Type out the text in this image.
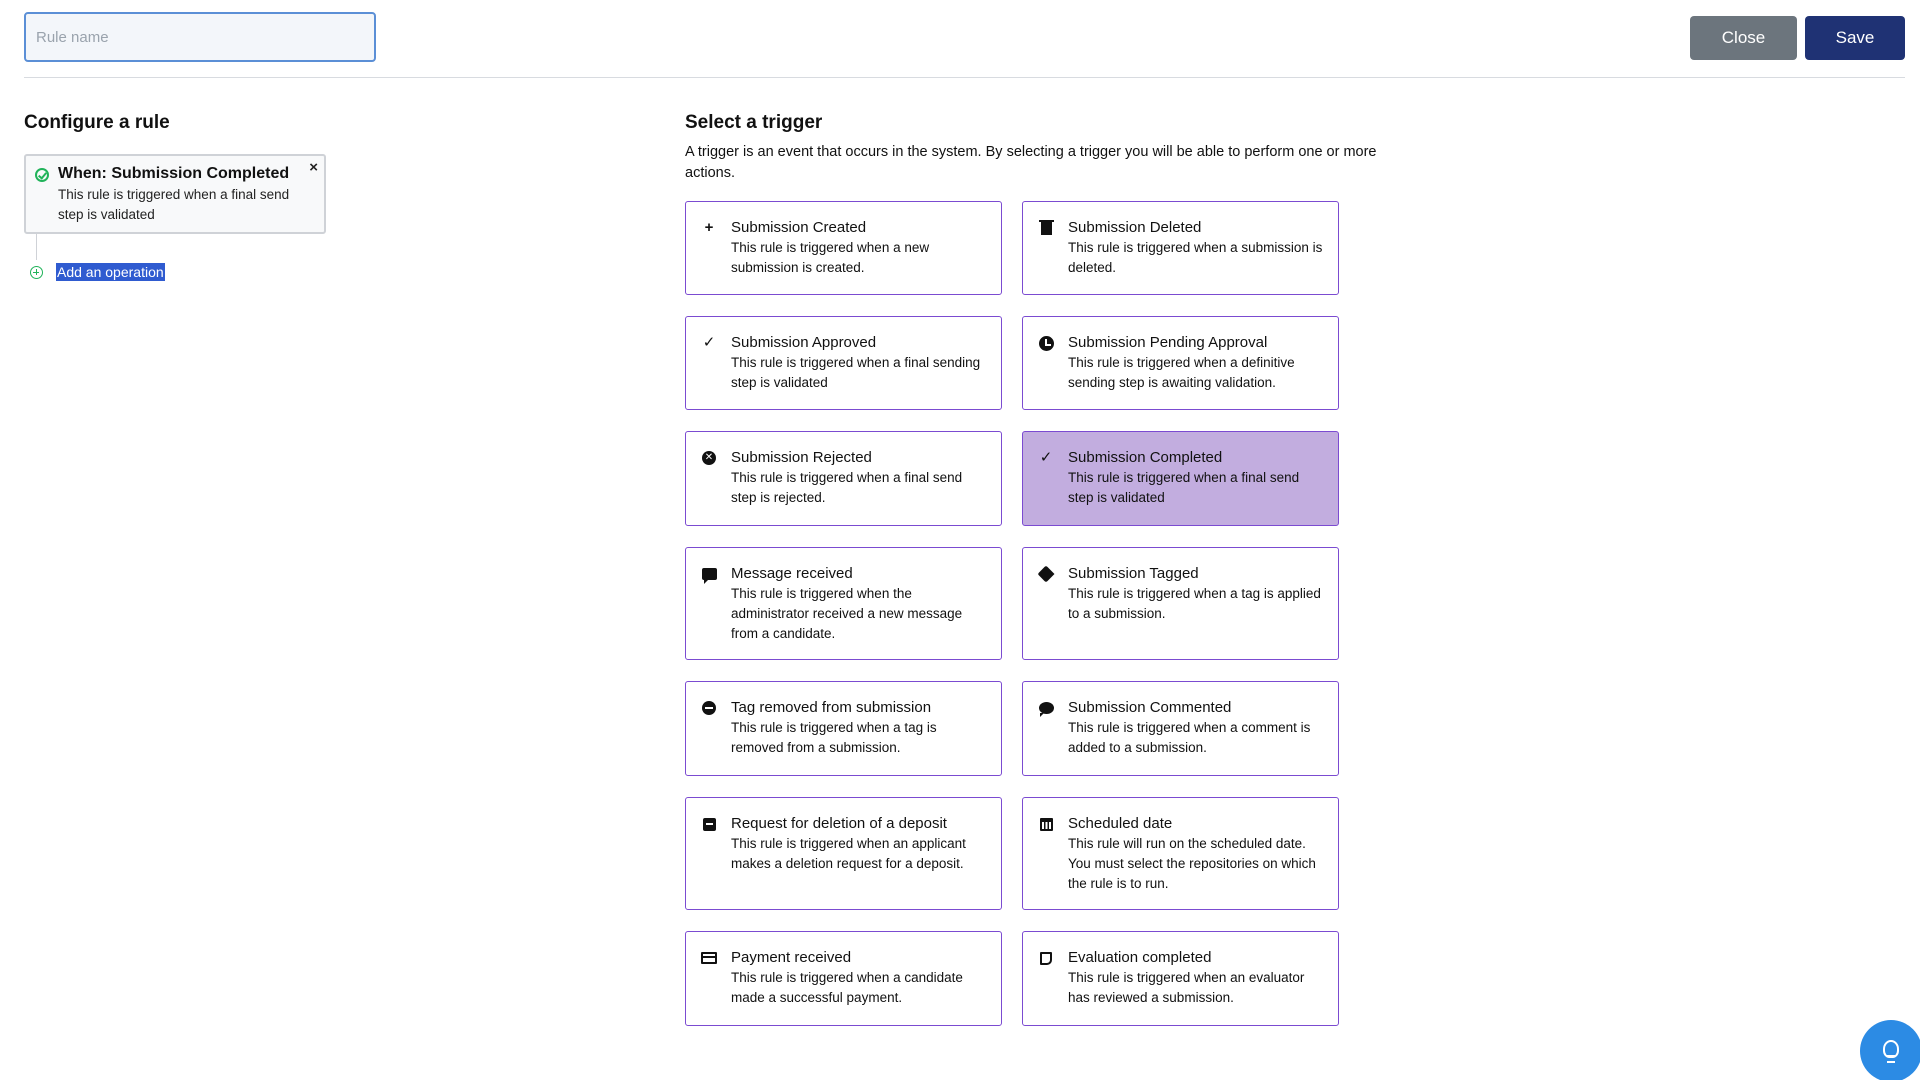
Rule name
Close	Save
Configure a rule
When: Submission Completed
This rule is triggered when a final send step is validated
×
Add an operation
Select a trigger
A trigger is an event that occurs in the system. By selecting a trigger you will be able to perform one or more actions.
+ Submission Created
This rule is triggered when a new submission is created.
Submission Deleted
This rule is triggered when a submission is deleted.
✓ Submission Approved
This rule is triggered when a final sending step is validated
Submission Pending Approval
This rule is triggered when a definitive sending step is awaiting validation.
✕ Submission Rejected
This rule is triggered when a final send step is rejected.
✓ Submission Completed
This rule is triggered when a final send step is validated
Message received
This rule is triggered when the administrator received a new message from a candidate.
Submission Tagged
This rule is triggered when a tag is applied to a submission.
Tag removed from submission
This rule is triggered when a tag is removed from a submission.
Submission Commented
This rule is triggered when a comment is added to a submission.
Request for deletion of a deposit
This rule is triggered when an applicant makes a deletion request for a deposit.
Scheduled date
This rule will run on the scheduled date. You must select the repositories on which the rule is to run.
Payment received
This rule is triggered when a candidate made a successful payment.
Evaluation completed
This rule is triggered when an evaluator has reviewed a submission.
